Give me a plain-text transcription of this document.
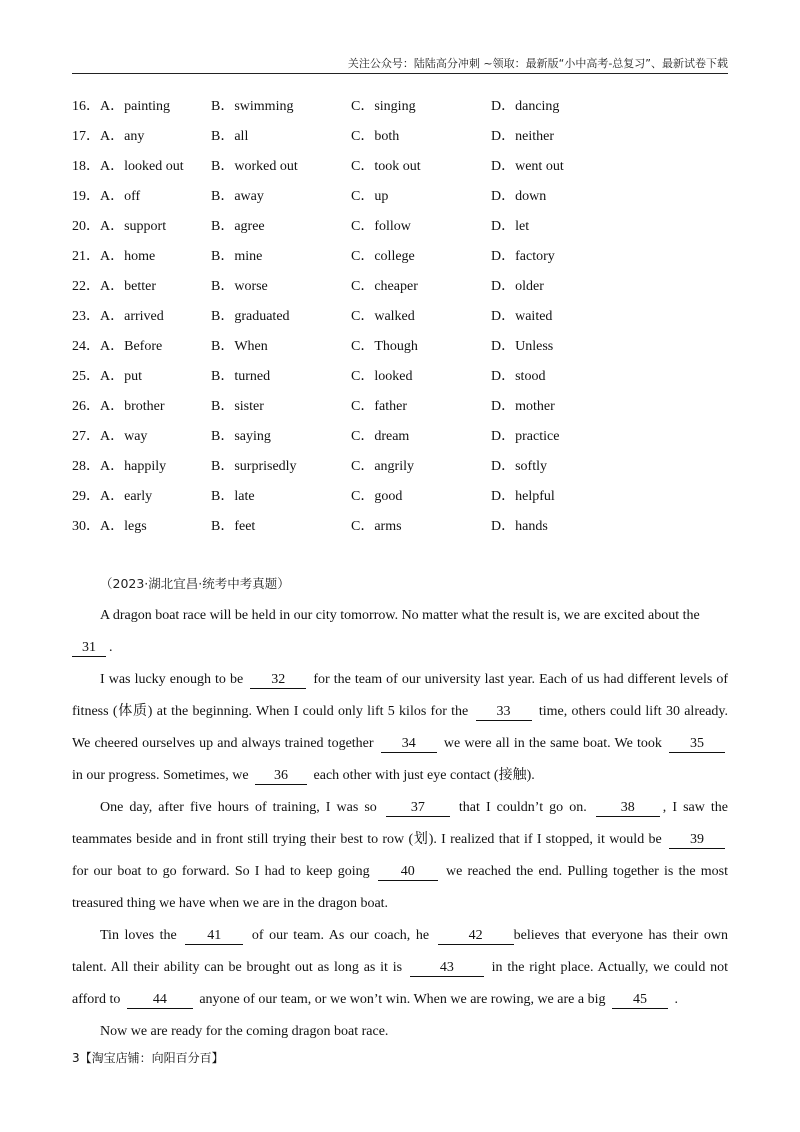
关注公众号：陆陆高分冲刺 ~领取：最新版“小中高考-总复习”、最新试卷下载
16．A．painting	B．swimming	C．singing	D．dancing
17．A．any	B．all	C．both	D．neither
18．A．looked out B．worked out	C．took out	D．went out
19．A．off	B．away	C．up	D．down
20．A．support	B．agree	C．follow	D．let
21．A．home	B．mine	C．college	D．factory
22．A．better	B．worse	C．cheaper	D．older
23．A．arrived	B．graduated	C．walked	D．waited
24．A．Before	B．When	C．Though	D．Unless
25．A．put	B．turned	C．looked	D．stood
26．A．brother	B．sister	C．father	D．mother
27．A．way	B．saying	C．dream	D．practice
28．A．happily	B．surprisedly	C．angrily	D．softly
29．A．early	B．late	C．good	D．helpful
30．A．legs	B．feet	C．arms	D．hands
（2023·湖北宜昌·统考中考真题）

A dragon boat race will be held in our city tomorrow. No matter what the result is, we are excited about the

31 .

I was lucky enough to be 32 for the team of our university last year. Each of us had different levels of fitness (体质) at the beginning. When I could only lift 5 kilos for the 33 time, others could lift 30 already. We cheered ourselves up and always trained together 34 we were all in the same boat. We took 35 in our progress. Sometimes, we 36 each other with just eye contact (接触).

One day, after five hours of training, I was so 37 that I couldn’t go on. 38 , I saw the teammates beside and in front still trying their best to row (划). I realized that if I stopped, it would be 39 for our boat to go forward. So I had to keep going 40 we reached the end. Pulling together is the most treasured thing we have when we are in the dragon boat.

Tin loves the 41 of our team. As our coach, he	42 believes that everyone has their own talent. All their ability can be brought out as long as it is	43	in the right place. Actually, we could not afford to 44 anyone of our team, or we won’t win. When we are rowing, we are a big 45 .

Now we are ready for the coming dragon boat race.

3【淘宝店铺：向阳百分百】
